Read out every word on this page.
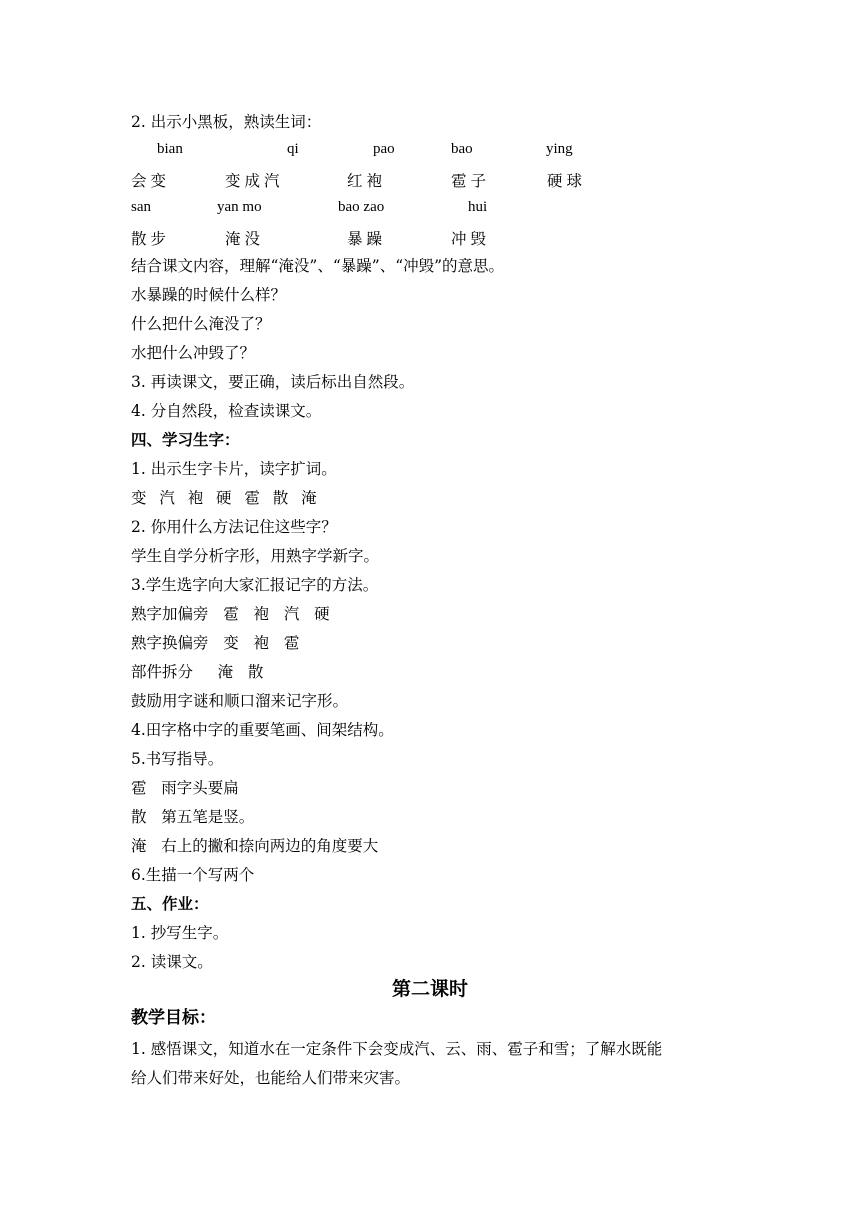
2. 出示小黑板，熟读生词：
bian	qi	pao	bao	ying
会变	变成汽	红袍	雹子	硬球
san	yan mo	bao zao	hui
散步	淹没	暴躁	冲毁
结合课文内容，理解“淹没”、“暴躁”、“冲毁”的意思。
水暴躁的时候什么样？
什么把什么淹没了？
水把什么冲毁了？
3. 再读课文，要正确，读后标出自然段。
4. 分自然段，检查读课文。
四、学习生字：
1. 出示生字卡片，读字扩词。
变  汽  袍  硬  雹  散  淹
2. 你用什么方法记住这些字？
学生自学分析字形，用熟字学新字。
3.学生选字向大家汇报记字的方法。
熟字加偏旁   雹   袍   汽   硬
熟字换偏旁   变   袍   雹
部件拆分     淹   散
鼓励用字谜和顺口溜来记字形。
4.田字格中字的重要笔画、间架结构。
5.书写指导。
雹   雨字头要扁
散   第五笔是竖。
淹   右上的撇和捺向两边的角度要大
6.生描一个写两个
五、作业：
1. 抄写生字。
2. 读课文。
第二课时
教学目标：
1. 感悟课文，知道水在一定条件下会变成汽、云、雨、雹子和雪；了解水既能
给人们带来好处，也能给人们带来灾害。
